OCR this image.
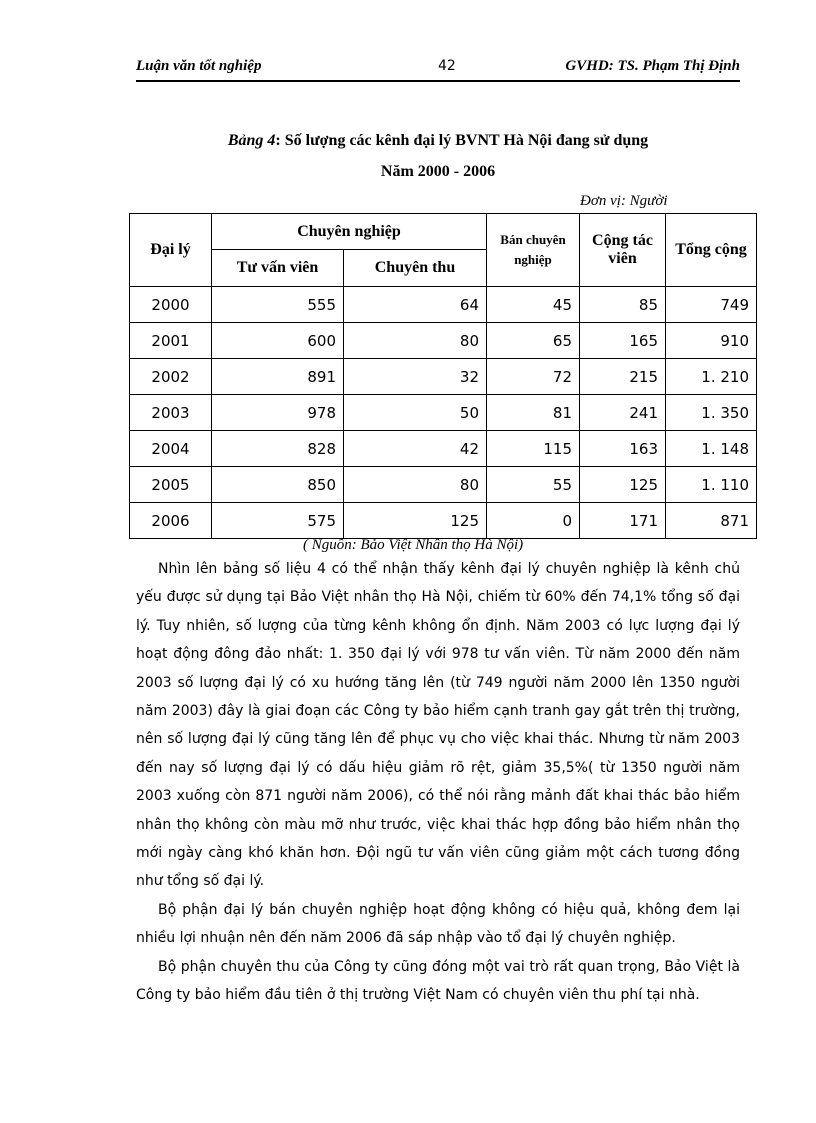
Luận văn tốt nghiệp	42	GVHD: TS. Phạm Thị Định
Bảng 4: Số lượng các kênh đại lý BVNT Hà Nội đang sử dụng
Năm 2000 - 2006
Đơn vị: Người
Đại lý	Chuyên nghiệp		Bán chuyên nghiệp	Cộng tác viên	Tổng cộng
	Tư vấn viên	Chuyên thu			
2000	555	64	45	85	749
2001	600	80	65	165	910
2002	891	32	72	215	1. 210
2003	978	50	81	241	1. 350
2004	828	42	115	163	1. 148
2005	850	80	55	125	1. 110
2006	575	125	0	171	871
( Nguồn: Bảo Việt Nhân thọ Hà Nội)

Nhìn lên bảng số liệu 4 có thể nhận thấy kênh đại lý chuyên nghiệp là kênh chủ yếu được sử dụng tại Bảo Việt nhân thọ Hà Nội, chiếm từ 60% đến 74,1% tổng số đại lý. Tuy nhiên, số lượng của từng kênh không ổn định. Năm 2003 có lực lượng đại lý hoạt động đông đảo nhất: 1. 350 đại lý với 978 tư vấn viên. Từ năm 2000 đến năm 2003 số lượng đại lý có xu hướng tăng lên (từ 749 người năm 2000 lên 1350 người năm 2003) đây là giai đoạn các Công ty bảo hiểm cạnh tranh gay gắt trên thị trường, nên số lượng đại lý cũng tăng lên để phục vụ cho việc khai thác. Nhưng từ năm 2003 đến nay số lượng đại lý có dấu hiệu giảm rõ rệt, giảm 35,5%( từ 1350 người năm 2003 xuống còn 871 người năm 2006), có thể nói rằng mảnh đất khai thác bảo hiểm nhân thọ không còn màu mỡ như trước, việc khai thác hợp đồng bảo hiểm nhân thọ mới ngày càng khó khăn hơn. Đội ngũ tư vấn viên cũng giảm một cách tương đồng như tổng số đại lý.

Bộ phận đại lý bán chuyên nghiệp hoạt động không có hiệu quả, không đem lại nhiều lợi nhuận nên đến năm 2006 đã sáp nhập vào tổ đại lý chuyên nghiệp.

Bộ phận chuyên thu của Công ty cũng đóng một vai trò rất quan trọng, Bảo Việt là Công ty bảo hiểm đầu tiên ở thị trường Việt Nam có chuyên viên thu phí tại nhà.
